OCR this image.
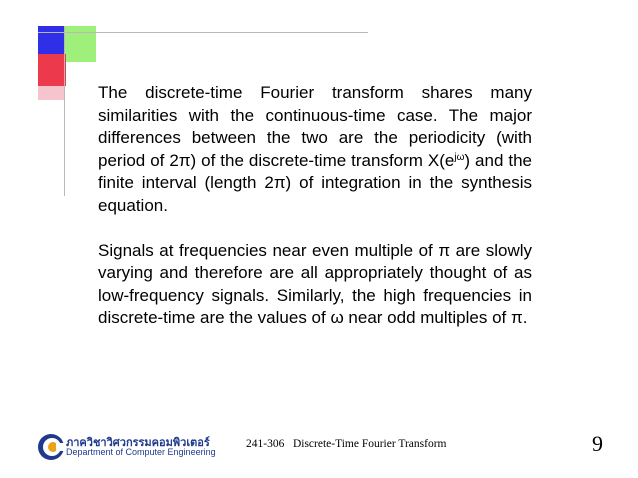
The discrete-time Fourier transform shares many similarities with the continuous-time case. The major differences between the two are the periodicity (with period of 2π) of the discrete-time transform $X(e^{j\omega})$ and the finite interval (length 2π) of integration in the synthesis equation.

Signals at frequencies near even multiple of π are slowly varying and therefore are all appropriately thought of as low-frequency signals. Similarly, the high frequencies in discrete-time are the values of ω near odd multiples of π.

ภาควิชาวิศวกรรมคอมพิวเตอร์
Department of Computer Engineering
241-306   Discrete-Time Fourier Transform	9
